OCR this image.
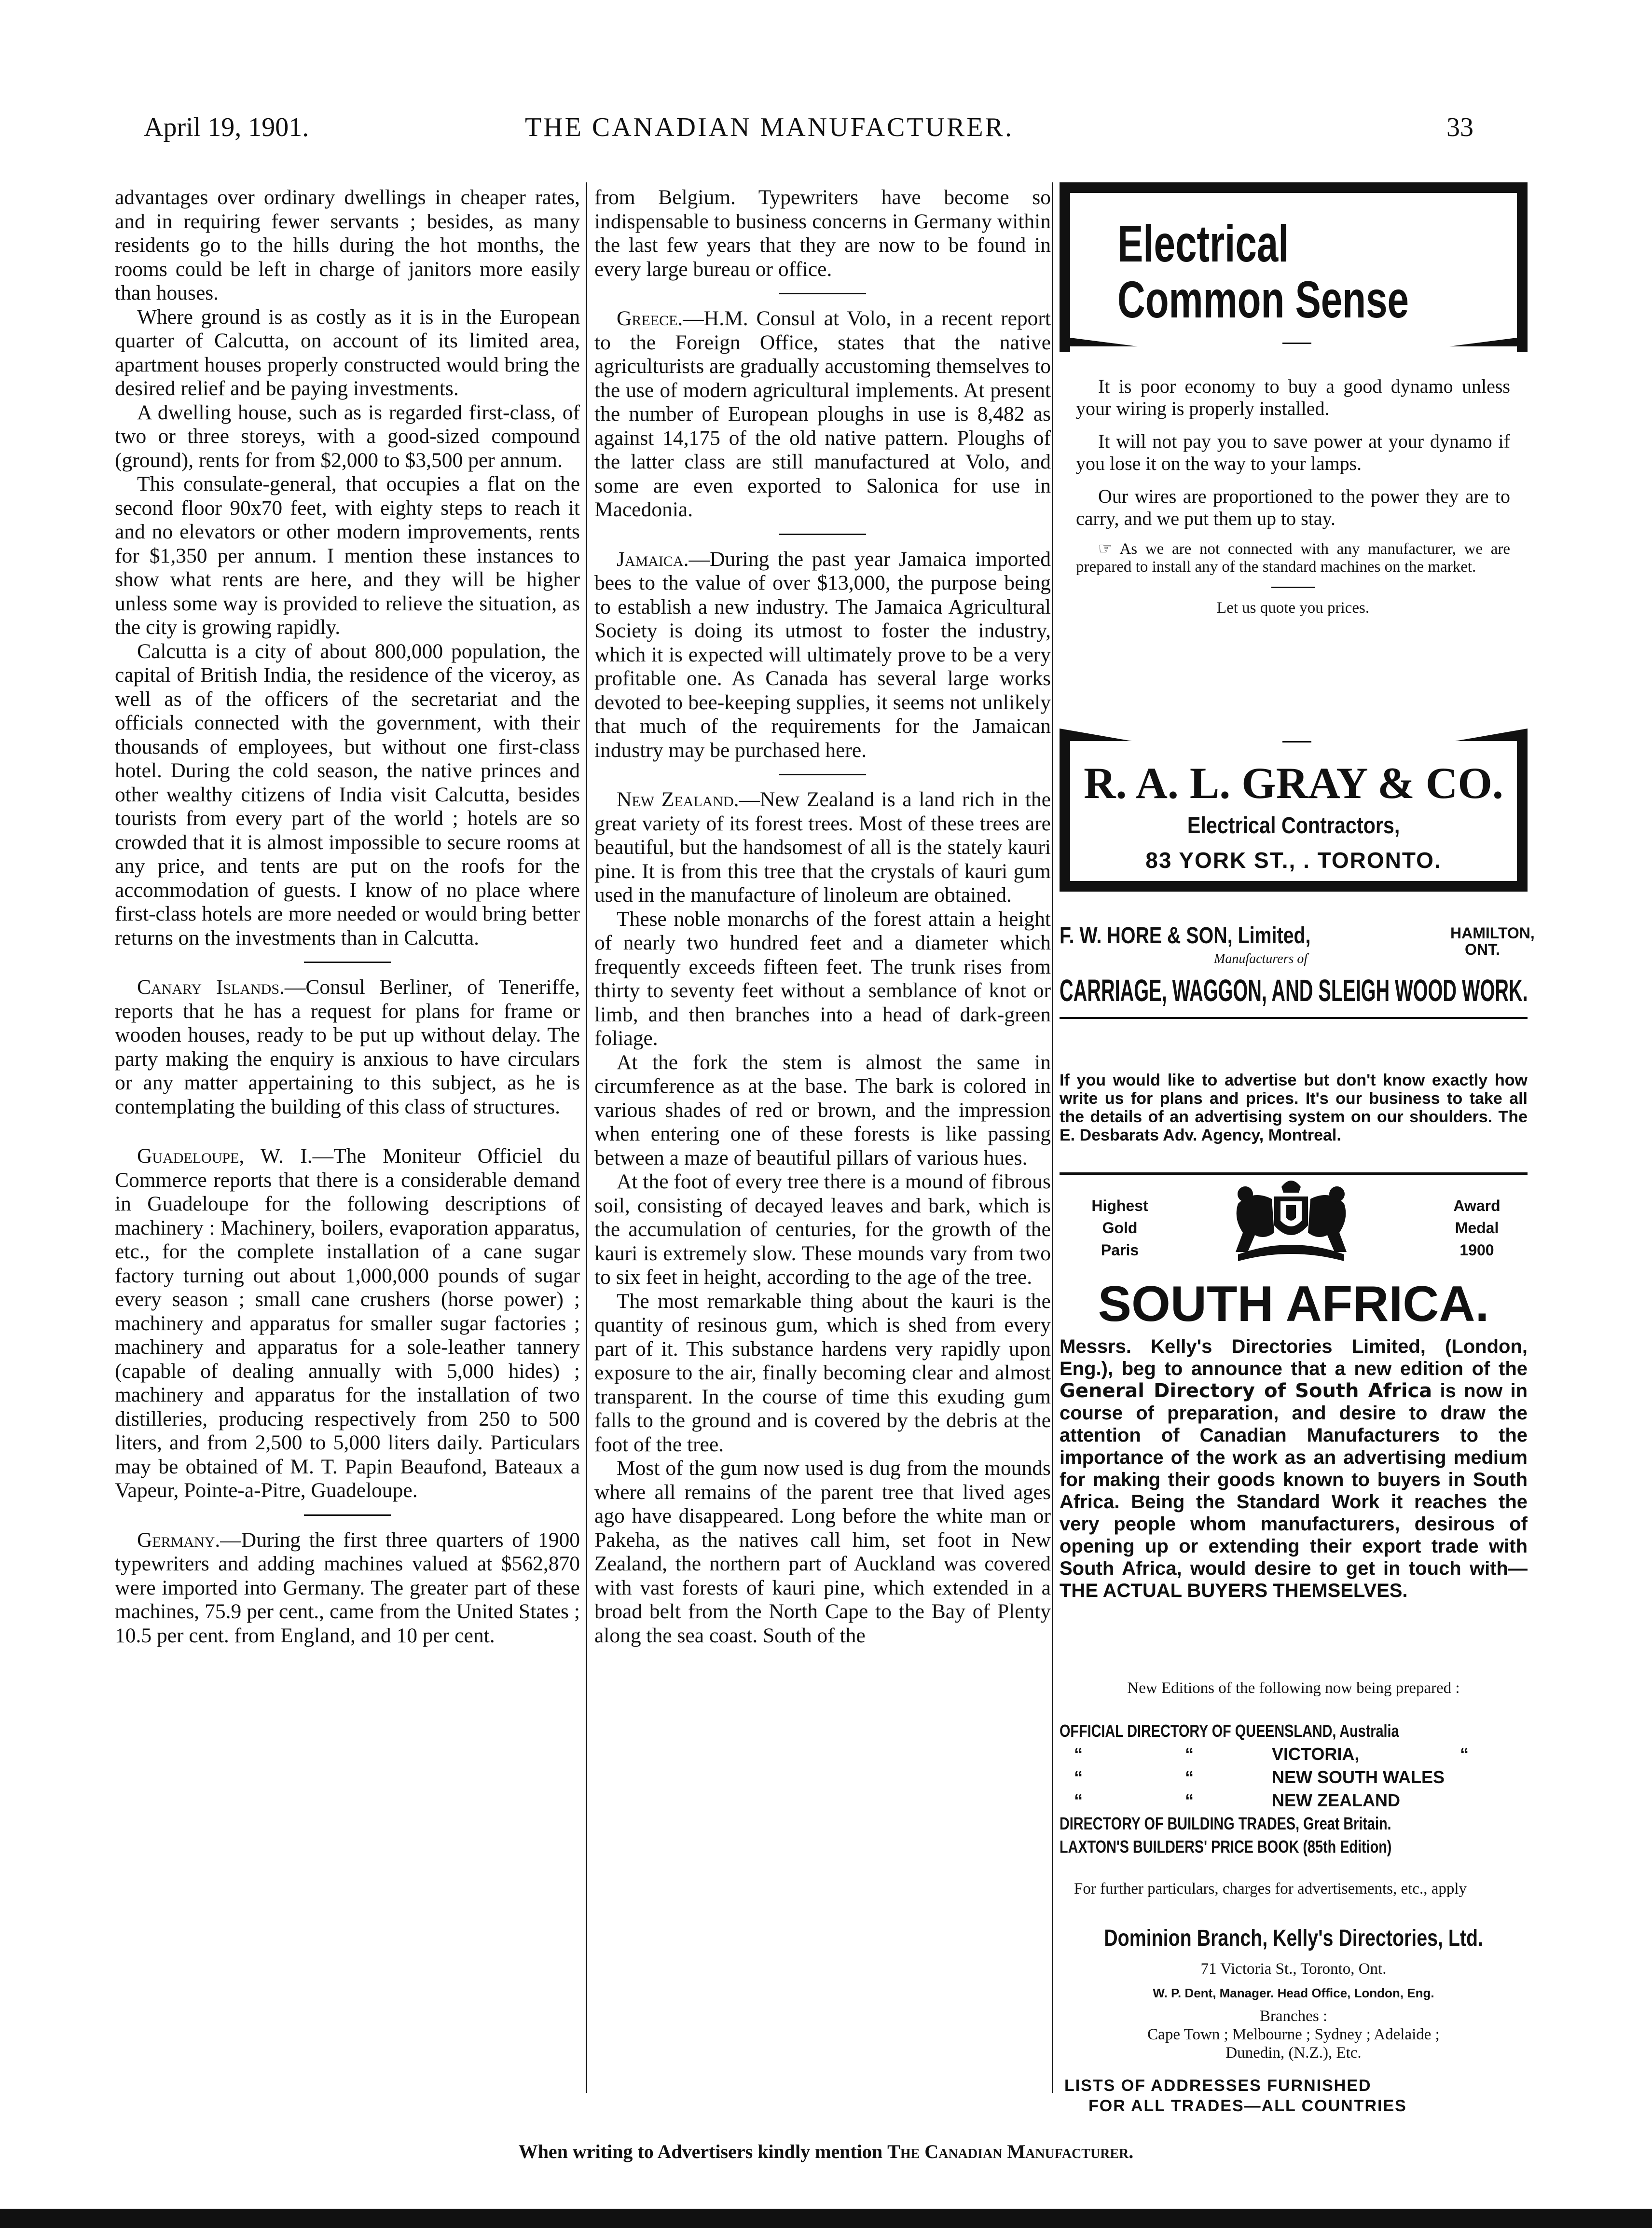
April 19, 1901.	THE CANADIAN MANUFACTURER.	33

advantages over ordinary dwellings in cheaper rates, and in requiring fewer servants ; besides, as many residents go to the hills during the hot months, the rooms could be left in charge of janitors more easily than houses.

Where ground is as costly as it is in the European quarter of Calcutta, on account of its limited area, apartment houses properly constructed would bring the desired relief and be paying investments.

A dwelling house, such as is regarded first-class, of two or three storeys, with a good-sized compound (ground), rents for from $2,000 to $3,500 per annum.

This consulate-general, that occupies a flat on the second floor 90x70 feet, with eighty steps to reach it and no elevators or other modern improvements, rents for $1,350 per annum. I mention these instances to show what rents are here, and they will be higher unless some way is provided to relieve the situation, as the city is growing rapidly.

Calcutta is a city of about 800,000 population, the capital of British India, the residence of the viceroy, as well as of the officers of the secretariat and the officials connected with the government, with their thousands of employees, but without one first-class hotel. During the cold season, the native princes and other wealthy citizens of India visit Calcutta, besides tourists from every part of the world ; hotels are so crowded that it is almost impossible to secure rooms at any price, and tents are put on the roofs for the accommodation of guests. I know of no place where first-class hotels are more needed or would bring better returns on the investments than in Calcutta.

Canary Islands.—Consul Berliner, of Teneriffe, reports that he has a request for plans for frame or wooden houses, ready to be put up without delay. The party making the enquiry is anxious to have circulars or any matter appertaining to this subject, as he is contemplating the building of this class of structures.

Guadeloupe, W. I.—The Moniteur Officiel du Commerce reports that there is a considerable demand in Guadeloupe for the following descriptions of machinery : Machinery, boilers, evaporation apparatus, etc., for the complete installation of a cane sugar factory turning out about 1,000,000 pounds of sugar every season ; small cane crushers (horse power) ; machinery and apparatus for smaller sugar factories ; machinery and apparatus for a sole-leather tannery (capable of dealing annually with 5,000 hides) ; machinery and apparatus for the installation of two distilleries, producing respectively from 250 to 500 liters, and from 2,500 to 5,000 liters daily. Particulars may be obtained of M. T. Papin Beaufond, Bateaux a Vapeur, Pointe-a-Pitre, Guadeloupe.

Germany.—During the first three quarters of 1900 typewriters and adding machines valued at $562,870 were imported into Germany. The greater part of these machines, 75.9 per cent., came from the United States ; 10.5 per cent. from England, and 10 per cent.

from Belgium. Typewriters have become so indispensable to business concerns in Germany within the last few years that they are now to be found in every large bureau or office.

Greece.—H.M. Consul at Volo, in a recent report to the Foreign Office, states that the native agriculturists are gradually accustoming themselves to the use of modern agricultural implements. At present the number of European ploughs in use is 8,482 as against 14,175 of the old native pattern. Ploughs of the latter class are still manufactured at Volo, and some are even exported to Salonica for use in Macedonia.

Jamaica.—During the past year Jamaica imported bees to the value of over $13,000, the purpose being to establish a new industry. The Jamaica Agricultural Society is doing its utmost to foster the industry, which it is expected will ultimately prove to be a very profitable one. As Canada has several large works devoted to bee-keeping supplies, it seems not unlikely that much of the requirements for the Jamaican industry may be purchased here.

New Zealand.—New Zealand is a land rich in the great variety of its forest trees. Most of these trees are beautiful, but the handsomest of all is the stately kauri pine. It is from this tree that the crystals of kauri gum used in the manufacture of linoleum are obtained.

These noble monarchs of the forest attain a height of nearly two hundred feet and a diameter which frequently exceeds fifteen feet. The trunk rises from thirty to seventy feet without a semblance of knot or limb, and then branches into a head of dark-green foliage.

At the fork the stem is almost the same in circumference as at the base. The bark is colored in various shades of red or brown, and the impression when entering one of these forests is like passing between a maze of beautiful pillars of various hues.

At the foot of every tree there is a mound of fibrous soil, consisting of decayed leaves and bark, which is the accumulation of centuries, for the growth of the kauri is extremely slow. These mounds vary from two to six feet in height, according to the age of the tree.

The most remarkable thing about the kauri is the quantity of resinous gum, which is shed from every part of it. This substance hardens very rapidly upon exposure to the air, finally becoming clear and almost transparent. In the course of time this exuding gum falls to the ground and is covered by the debris at the foot of the tree.

Most of the gum now used is dug from the mounds where all remains of the parent tree that lived ages ago have disappeared. Long before the white man or Pakeha, as the natives call him, set foot in New Zealand, the northern part of Auckland was covered with vast forests of kauri pine, which extended in a broad belt from the North Cape to the Bay of Plenty along the sea coast. South of the

Electrical
Common Sense

It is poor economy to buy a good dynamo unless your wiring is properly installed.

It will not pay you to save power at your dynamo if you lose it on the way to your lamps.

Our wires are proportioned to the power they are to carry, and we put them up to stay.

☞ As we are not connected with any manufacturer, we are prepared to install any of the standard machines on the market.

Let us quote you prices.
R. A. L. GRAY & CO.
Electrical Contractors,
83 YORK ST., . TORONTO.
F. W. HORE & SON, Limited,
Manufacturers of
HAMILTON,
ONT.
CARRIAGE, WAGGON, AND SLEIGH WOOD WORK.
If you would like to advertise but don't know exactly how write us for plans and prices. It's our business to take all the details of an advertising system on our shoulders. The E. Desbarats Adv. Agency, Montreal.
Highest
Gold
Paris
Award
Medal
1900
SOUTH AFRICA.
Messrs. Kelly's Directories Limited, (London, Eng.), beg to announce that a new edition of the General Directory of South Africa is now in course of preparation, and desire to draw the attention of Canadian Manufacturers to the importance of the work as an advertising medium for making their goods known to buyers in South Africa. Being the Standard Work it reaches the very people whom manufacturers, desirous of opening up or extending their export trade with South Africa, would desire to get in touch with—THE ACTUAL BUYERS THEMSELVES.
New Editions of the following now being prepared :
OFFICIAL DIRECTORY OF QUEENSLAND, Australia
“	“	VICTORIA,	“
“	“	NEW SOUTH WALES
“	“	NEW ZEALAND
DIRECTORY OF BUILDING TRADES, Great Britain.
LAXTON'S BUILDERS' PRICE BOOK (85th Edition)
For further particulars, charges for advertisements, etc., apply
Dominion Branch, Kelly's Directories, Ltd.
71 Victoria St., Toronto, Ont.
W. P. Dent, Manager. Head Office, London, Eng.
Branches :
Cape Town ; Melbourne ; Sydney ; Adelaide ;
Dunedin, (N.Z.), Etc.
LISTS OF ADDRESSES FURNISHED
FOR ALL TRADES—ALL COUNTRIES
When writing to Advertisers kindly mention The Canadian Manufacturer.
